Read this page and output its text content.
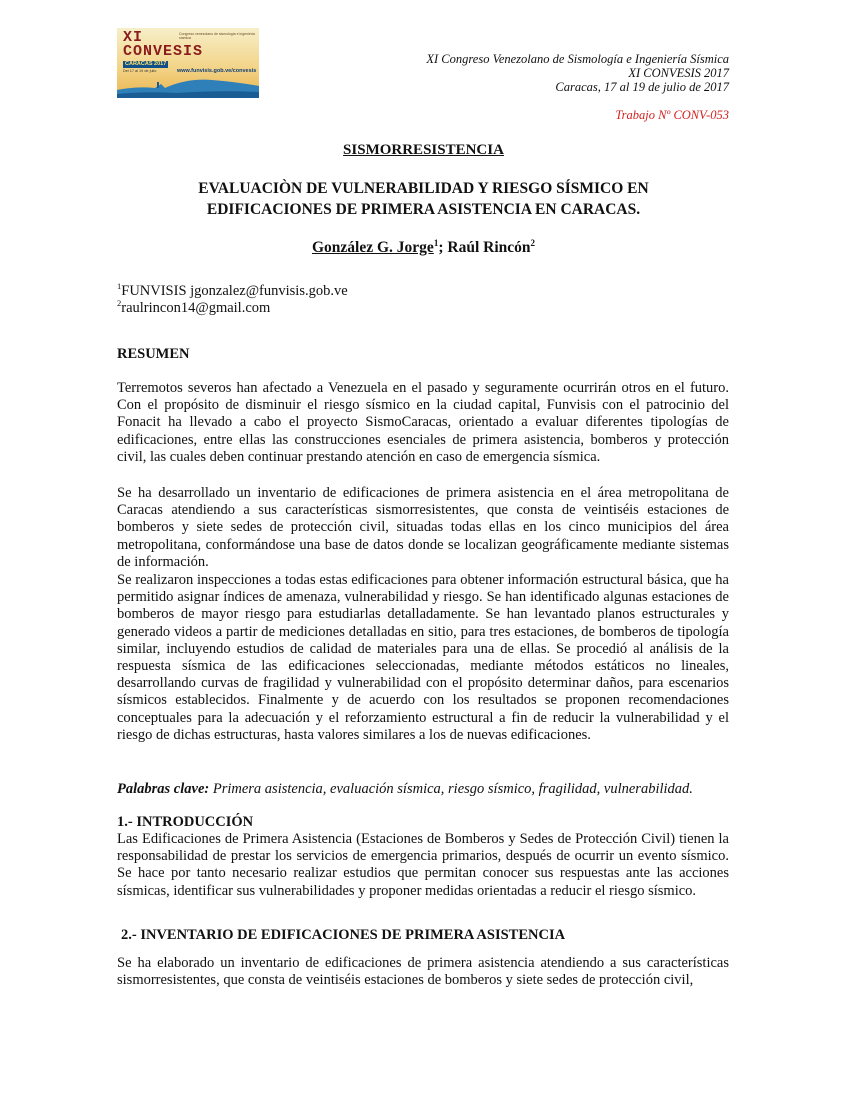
XI
CONVESIS
Congreso venezolano de sismología e ingeniería sísmica
CARACAS 2017
Del 17 al 19 de julio	www.funvisis.gob.ve/convesis
XI Congreso Venezolano de Sismología e Ingeniería Sísmica
XI CONVESIS 2017
Caracas, 17 al 19 de julio de 2017
Trabajo Nº CONV-053
SISMORRESISTENCIA
EVALUACIÒN DE VULNERABILIDAD Y RIESGO SÍSMICO EN
EDIFICACIONES DE PRIMERA ASISTENCIA EN CARACAS.
González G. Jorge$^1$; Raúl Rincón$^2$
$^1$FUNVISIS jgonzalez@funvisis.gob.ve
$^2$raulrincon14@gmail.com
RESUMEN
Terremotos severos han afectado a Venezuela en el pasado y seguramente ocurrirán otros en el futuro. Con el propósito de disminuir el riesgo sísmico en la ciudad capital, Funvisis con el patrocinio del Fonacit ha llevado a cabo el proyecto SismoCaracas, orientado a evaluar diferentes tipologías de edificaciones, entre ellas las construcciones esenciales de primera asistencia, bomberos y protección civil, las cuales deben continuar prestando atención en caso de emergencia sísmica.
Se ha desarrollado un inventario de edificaciones de primera asistencia en el área metropolitana de Caracas atendiendo a sus características sismorresistentes, que consta de veintiséis estaciones de bomberos y siete sedes de protección civil, situadas todas ellas en los cinco municipios del área metropolitana, conformándose una base de datos donde se localizan geográficamente mediante sistemas de información.
Se realizaron inspecciones a todas estas edificaciones para obtener información estructural básica, que ha permitido asignar índices de amenaza, vulnerabilidad y riesgo. Se han identificado algunas estaciones de bomberos de mayor riesgo para estudiarlas detalladamente. Se han levantado planos estructurales y generado videos a partir de mediciones detalladas en sitio, para tres estaciones, de bomberos de tipología similar, incluyendo estudios de calidad de materiales para una de ellas. Se procedió al análisis de la respuesta sísmica de las edificaciones seleccionadas, mediante métodos estáticos no lineales, desarrollando curvas de fragilidad y vulnerabilidad con el propósito determinar daños, para escenarios sísmicos establecidos. Finalmente y de acuerdo con los resultados se proponen recomendaciones conceptuales para la adecuación y el reforzamiento estructural a fin de reducir la vulnerabilidad y el riesgo de dichas estructuras, hasta valores similares a los de nuevas edificaciones.
Palabras clave: Primera asistencia, evaluación sísmica, riesgo sísmico, fragilidad, vulnerabilidad.
1.- INTRODUCCIÓN
Las Edificaciones de Primera Asistencia (Estaciones de Bomberos y Sedes de Protección Civil) tienen la responsabilidad de prestar los servicios de emergencia primarios, después de ocurrir un evento sísmico. Se hace por tanto necesario realizar estudios que permitan conocer sus respuestas ante las acciones sísmicas, identificar sus vulnerabilidades y proponer medidas orientadas a reducir el riesgo sísmico.
2.- INVENTARIO DE EDIFICACIONES DE PRIMERA ASISTENCIA
Se ha elaborado un inventario de edificaciones de primera asistencia atendiendo a sus características sismorresistentes, que consta de veintiséis estaciones de bomberos y siete sedes de protección civil,
